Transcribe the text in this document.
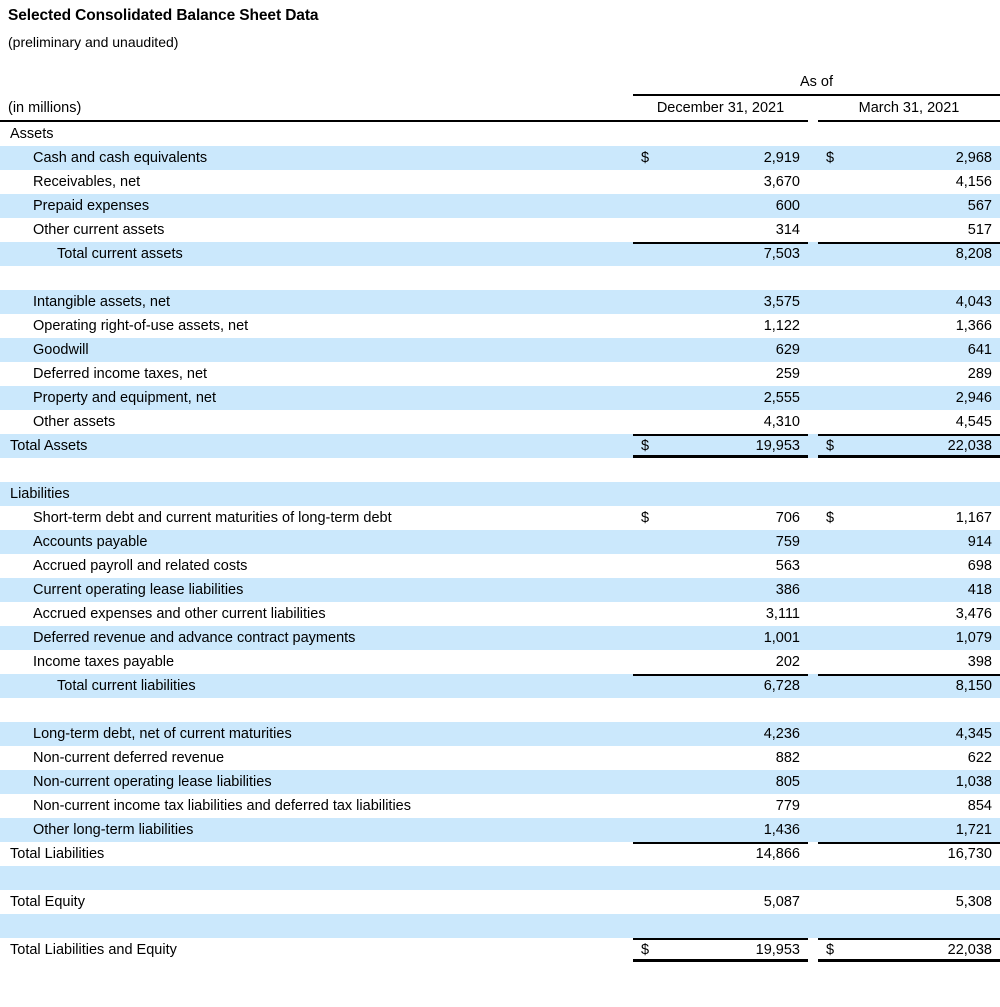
Selected Consolidated Balance Sheet Data
(preliminary and unaudited)
	As of				
(in millions)	December 31, 2021			March 31, 2021	
Assets					
Cash and cash equivalents	$	2,919		$	2,968
Receivables, net		3,670			4,156
Prepaid expenses		600			567
Other current assets		314			517
Total current assets		7,503			8,208

Intangible assets, net		3,575			4,043
Operating right-of-use assets, net		1,122			1,366
Goodwill		629			641
Deferred income taxes, net		259			289
Property and equipment, net		2,555			2,946
Other assets		4,310			4,545
Total Assets	$	19,953		$	22,038

Liabilities					
Short-term debt and current maturities of long-term debt	$	706		$	1,167
Accounts payable		759			914
Accrued payroll and related costs		563			698
Current operating lease liabilities		386			418
Accrued expenses and other current liabilities		3,111			3,476
Deferred revenue and advance contract payments		1,001			1,079
Income taxes payable		202			398
Total current liabilities		6,728			8,150

Long-term debt, net of current maturities		4,236			4,345
Non-current deferred revenue		882			622
Non-current operating lease liabilities		805			1,038
Non-current income tax liabilities and deferred tax liabilities		779			854
Other long-term liabilities		1,436			1,721
Total Liabilities		14,866			16,730

Total Equity		5,087			5,308

Total Liabilities and Equity	$	19,953		$	22,038
